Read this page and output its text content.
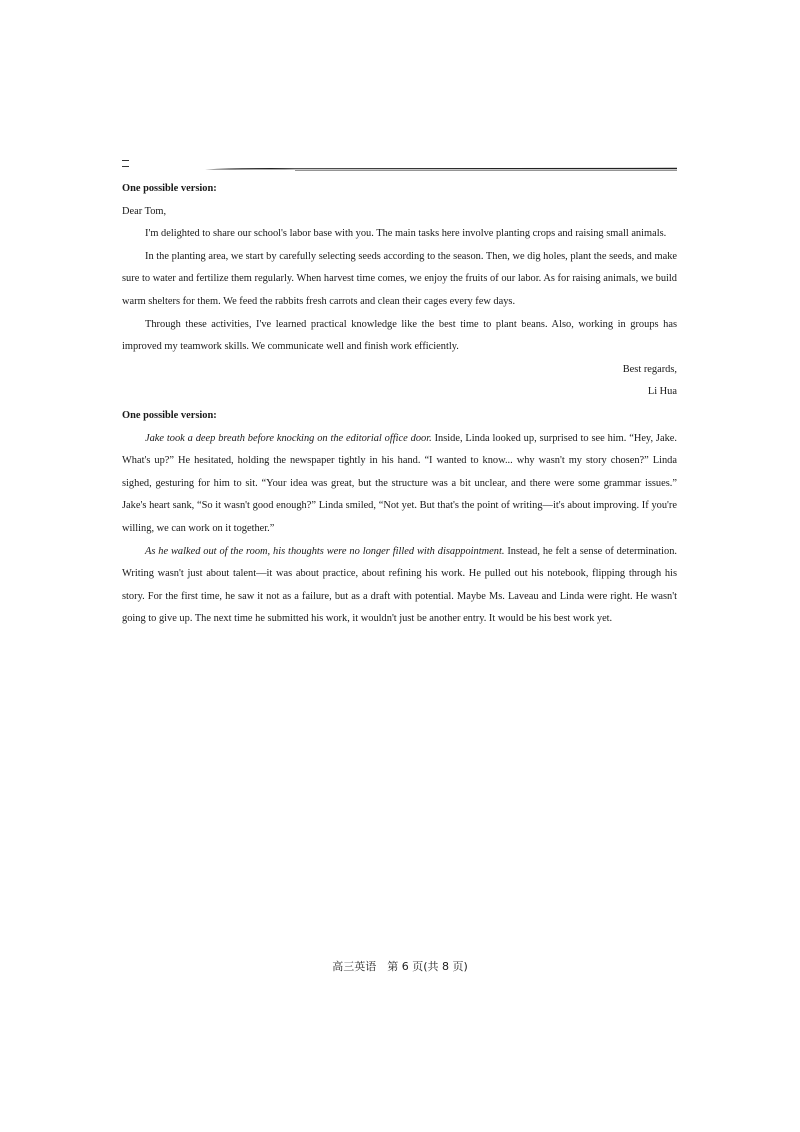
One possible version:

Dear Tom,

I'm delighted to share our school's labor base with you. The main tasks here involve planting crops and raising small animals.

In the planting area, we start by carefully selecting seeds according to the season. Then, we dig holes, plant the seeds, and make sure to water and fertilize them regularly. When harvest time comes, we enjoy the fruits of our labor. As for raising animals, we build warm shelters for them. We feed the rabbits fresh carrots and clean their cages every few days.

Through these activities, I've learned practical knowledge like the best time to plant beans. Also, working in groups has improved my teamwork skills. We communicate well and finish work efficiently.

Best regards,

Li Hua

One possible version:

Jake took a deep breath before knocking on the editorial office door. Inside, Linda looked up, surprised to see him. “Hey, Jake. What's up?” He hesitated, holding the newspaper tightly in his hand. “I wanted to know... why wasn't my story chosen?” Linda sighed, gesturing for him to sit. “Your idea was great, but the structure was a bit unclear, and there were some grammar issues.” Jake's heart sank, “So it wasn't good enough?” Linda smiled, “Not yet. But that's the point of writing—it's about improving. If you're willing, we can work on it together.”

As he walked out of the room, his thoughts were no longer filled with disappointment. Instead, he felt a sense of determination. Writing wasn't just about talent—it was about practice, about refining his work. He pulled out his notebook, flipping through his story. For the first time, he saw it not as a failure, but as a draft with potential. Maybe Ms. Laveau and Linda were right. He wasn't going to give up. The next time he submitted his work, it wouldn't just be another entry. It would be his best work yet.

高三英语　第 6 页(共 8 页)
